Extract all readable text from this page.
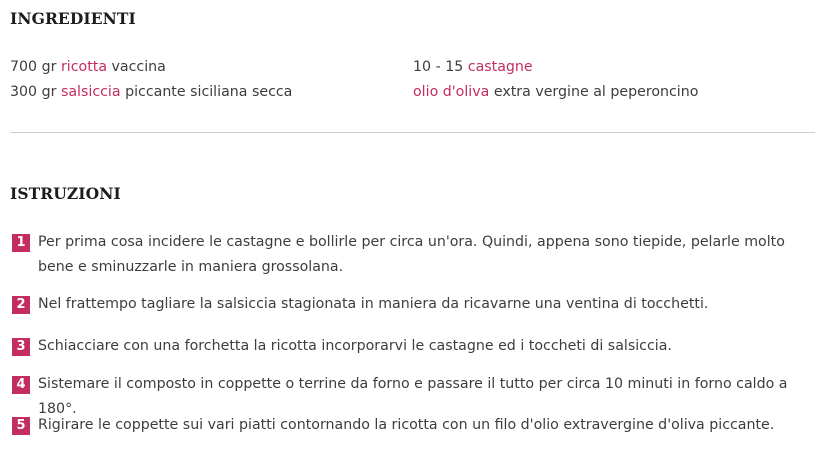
INGREDIENTI
700 gr ricotta vaccina
300 gr salsiccia piccante siciliana secca
10 - 15 castagne
olio d'oliva extra vergine al peperoncino
ISTRUZIONI
1 Per prima cosa incidere le castagne e bollirle per circa un'ora. Quindi, appena sono tiepide, pelarle molto bene e sminuzzarle in maniera grossolana.
2 Nel frattempo tagliare la salsiccia stagionata in maniera da ricavarne una ventina di tocchetti.
3 Schiacciare con una forchetta la ricotta incorporarvi le castagne ed i toccheti di salsiccia.
4 Sistemare il composto in coppette o terrine da forno e passare il tutto per circa 10 minuti in forno caldo a 180°.
5 Rigirare le coppette sui vari piatti contornando la ricotta con un filo d'olio extravergine d'oliva piccante.
